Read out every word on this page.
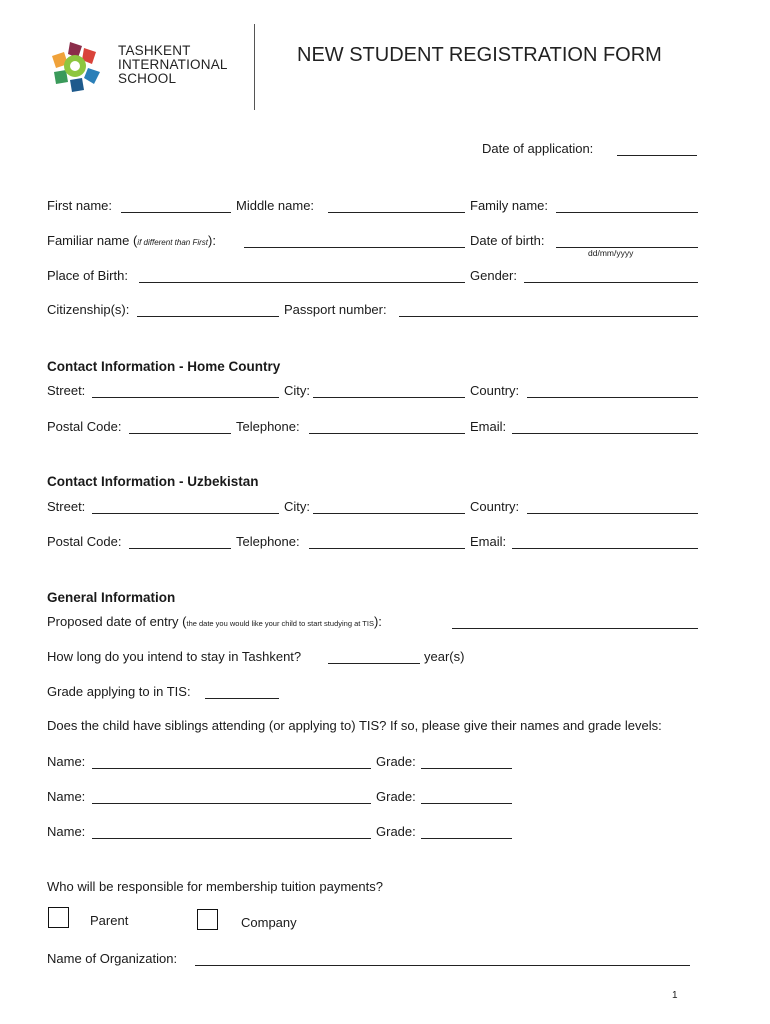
TASHKENT
INTERNATIONAL
SCHOOL
NEW STUDENT REGISTRATION FORM
Date of application:
First name:	Middle name:	Family name:
Familiar name (if different than First):	Date of birth:
dd/mm/yyyy
Place of Birth:	Gender:
Citizenship(s):	Passport number:
Contact Information - Home Country
Street:	City:	Country:
Postal Code:	Telephone:	Email:
Contact Information - Uzbekistan
Street:	City:	Country:
Postal Code:	Telephone:	Email:
General Information
Proposed date of entry (the date you would like your child to start studying at TIS):
How long do you intend to stay in Tashkent?	year(s)
Grade applying to in TIS:
Does the child have siblings attending (or applying to) TIS? If so, please give their names and grade levels:
Name:	Grade:
Name:	Grade:
Name:	Grade:
Who will be responsible for membership tuition payments?
Parent	Company
Name of Organization:
1
